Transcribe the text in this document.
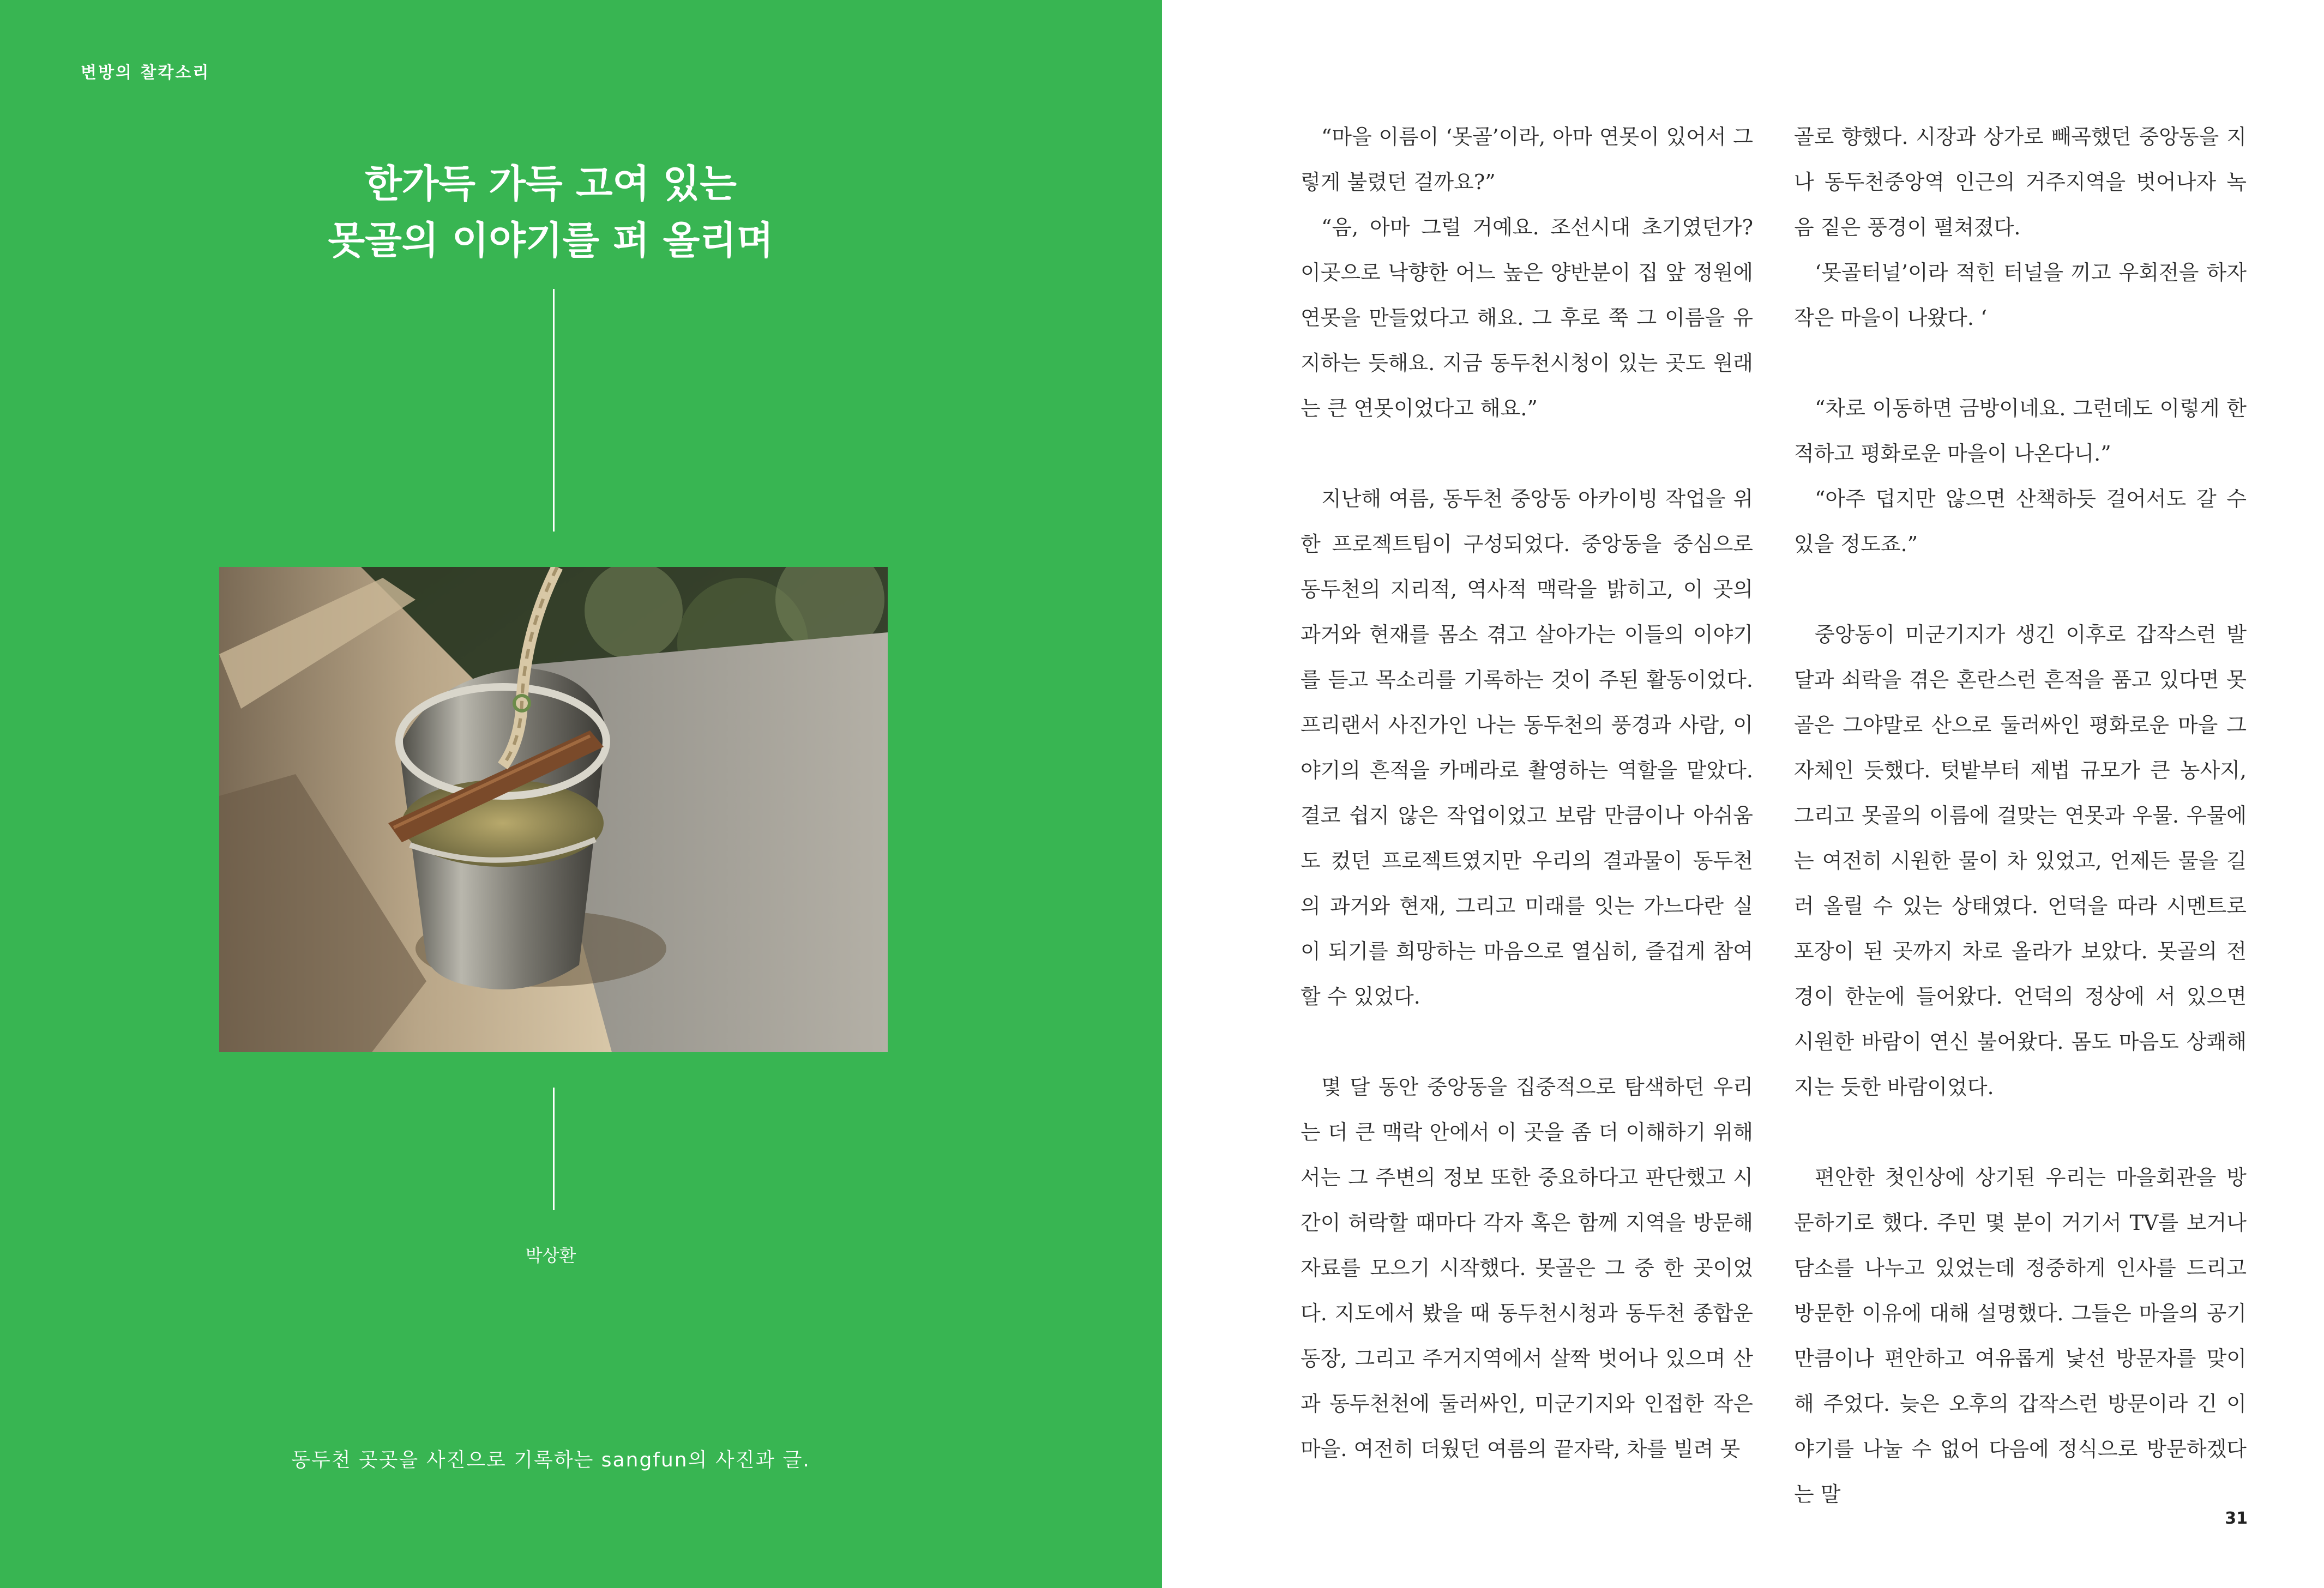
변방의 찰칵소리
한가득 가득 고여 있는
못골의 이야기를 퍼 올리며
박상환
동두천 곳곳을 사진으로 기록하는 sangfun의 사진과 글.

“마을 이름이 ‘못골’이라, 아마 연못이 있어서 그렇게 불렸던 걸까요?”

“음, 아마 그럴 거예요. 조선시대 초기였던가? 이곳으로 낙향한 어느 높은 양반분이 집 앞 정원에 연못을 만들었다고 해요. 그 후로 쭉 그 이름을 유지하는 듯해요. 지금 동두천시청이 있는 곳도 원래는 큰 연못이었다고 해요.”

지난해 여름, 동두천 중앙동 아카이빙 작업을 위한 프로젝트팀이 구성되었다. 중앙동을 중심으로 동두천의 지리적, 역사적 맥락을 밝히고, 이 곳의 과거와 현재를 몸소 겪고 살아가는 이들의 이야기를 듣고 목소리를 기록하는 것이 주된 활동이었다. 프리랜서 사진가인 나는 동두천의 풍경과 사람, 이야기의 흔적을 카메라로 촬영하는 역할을 맡았다. 결코 쉽지 않은 작업이었고 보람 만큼이나 아쉬움도 컸던 프로젝트였지만 우리의 결과물이 동두천의 과거와 현재, 그리고 미래를 잇는 가느다란 실이 되기를 희망하는 마음으로 열심히, 즐겁게 참여할 수 있었다.

몇 달 동안 중앙동을 집중적으로 탐색하던 우리는 더 큰 맥락 안에서 이 곳을 좀 더 이해하기 위해서는 그 주변의 정보 또한 중요하다고 판단했고 시간이 허락할 때마다 각자 혹은 함께 지역을 방문해 자료를 모으기 시작했다. 못골은 그 중 한 곳이었다. 지도에서 봤을 때 동두천시청과 동두천 종합운동장, 그리고 주거지역에서 살짝 벗어나 있으며 산과 동두천천에 둘러싸인, 미군기지와 인접한 작은 마을. 여전히 더웠던 여름의 끝자락, 차를 빌려 못

골로 향했다. 시장과 상가로 빼곡했던 중앙동을 지나 동두천중앙역 인근의 거주지역을 벗어나자 녹음 짙은 풍경이 펼쳐졌다.

‘못골터널’이라 적힌 터널을 끼고 우회전을 하자 작은 마을이 나왔다. ‘

“차로 이동하면 금방이네요. 그런데도 이렇게 한적하고 평화로운 마을이 나온다니.”

“아주 덥지만 않으면 산책하듯 걸어서도 갈 수 있을 정도죠.”

중앙동이 미군기지가 생긴 이후로 갑작스런 발달과 쇠락을 겪은 혼란스런 흔적을 품고 있다면 못골은 그야말로 산으로 둘러싸인 평화로운 마을 그 자체인 듯했다. 텃밭부터 제법 규모가 큰 농사지, 그리고 못골의 이름에 걸맞는 연못과 우물. 우물에는 여전히 시원한 물이 차 있었고, 언제든 물을 길러 올릴 수 있는 상태였다. 언덕을 따라 시멘트로 포장이 된 곳까지 차로 올라가 보았다. 못골의 전경이 한눈에 들어왔다. 언덕의 정상에 서 있으면 시원한 바람이 연신 불어왔다. 몸도 마음도 상쾌해지는 듯한 바람이었다.

편안한 첫인상에 상기된 우리는 마을회관을 방문하기로 했다. 주민 몇 분이 거기서 TV를 보거나 담소를 나누고 있었는데 정중하게 인사를 드리고 방문한 이유에 대해 설명했다. 그들은 마을의 공기 만큼이나 편안하고 여유롭게 낯선 방문자를 맞이해 주었다. 늦은 오후의 갑작스런 방문이라 긴 이야기를 나눌 수 없어 다음에 정식으로 방문하겠다는 말

31
